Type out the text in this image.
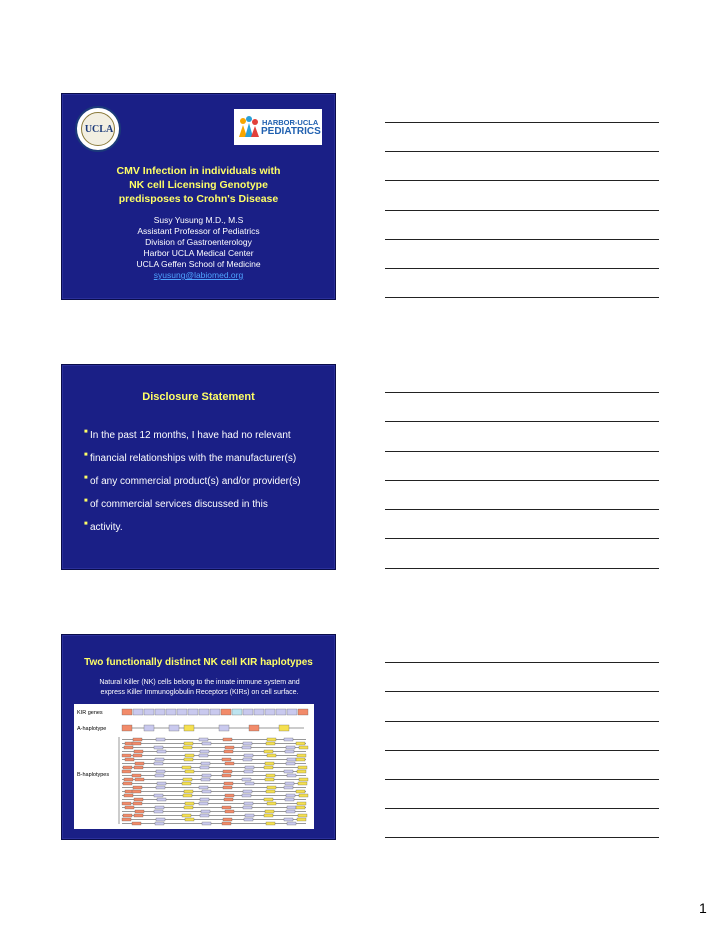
UCLA
HARBOR-UCLA
PEDIATRICS
CMV Infection in individuals with
NK cell Licensing Genotype
predisposes to Crohn's Disease
Susy Yusung M.D., M.S
Assistant Professor of Pediatrics
Division of Gastroenterology
Harbor UCLA Medical Center
UCLA Geffen School of Medicine
syusung@labiomed.org
Disclosure Statement
■ In the past 12 months, I have had no relevant
■ financial relationships with the manufacturer(s)
■ of any commercial product(s) and/or provider(s)
■ of commercial services discussed in this
■ activity.
Two functionally distinct NK cell KIR haplotypes
Natural Killer (NK) cells belong to the innate immune system and
express Killer Immunoglobulin Receptors (KIRs) on cell surface.
KIR genes
A-haplotype
B-haplotypes
1
